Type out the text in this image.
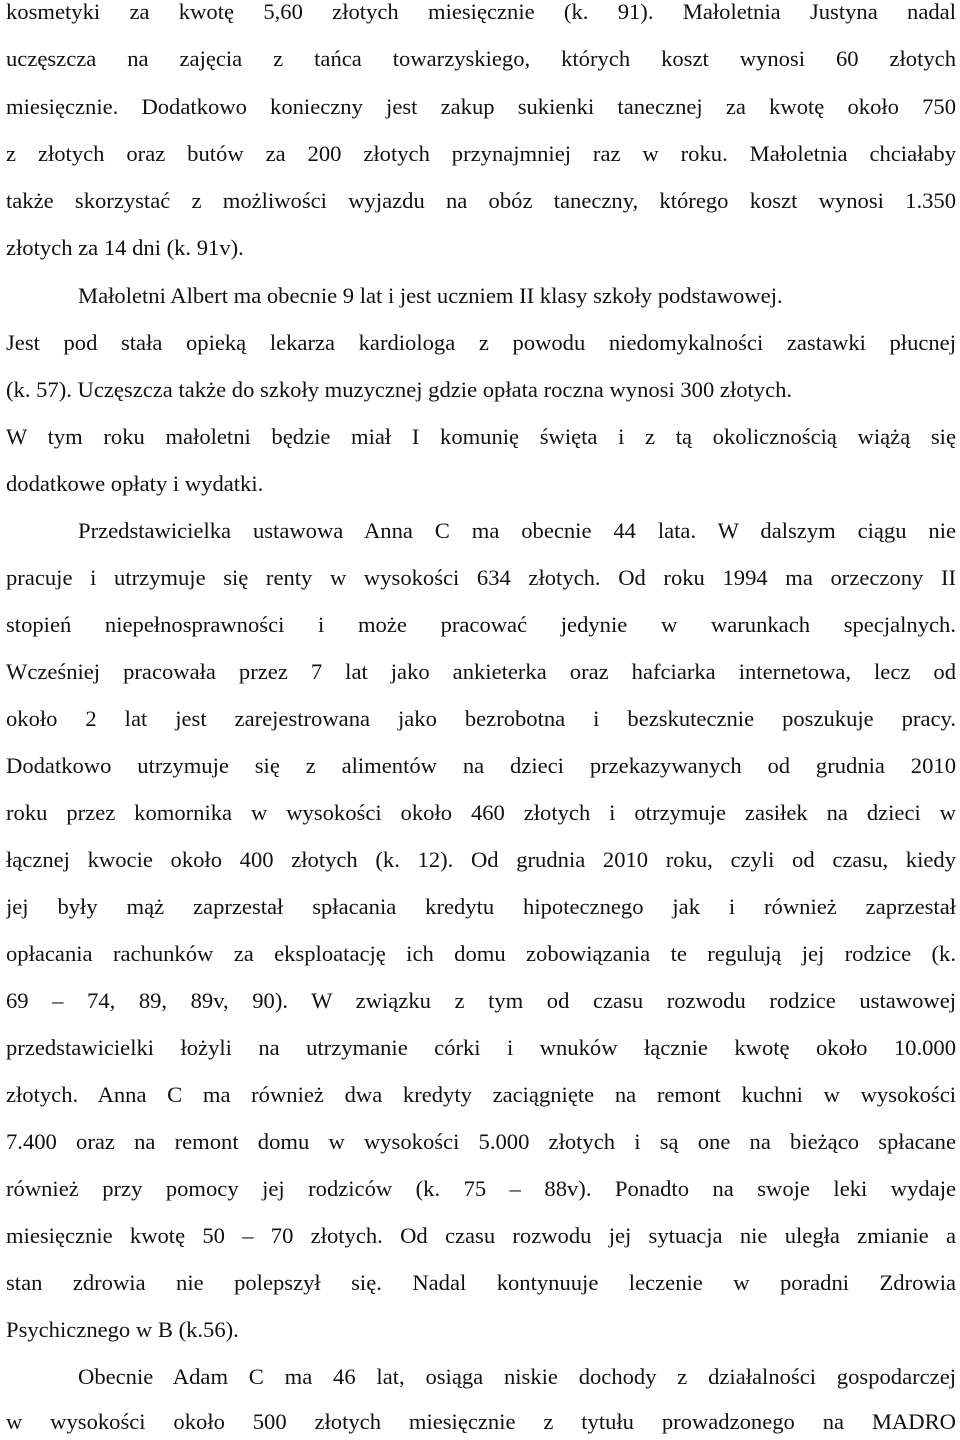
kosmetyki za kwotę 5,60 złotych miesięcznie (k. 91). Małoletnia Justyna nadal
uczęszcza na zajęcia z tańca towarzyskiego, których koszt wynosi 60 złotych
miesięcznie. Dodatkowo konieczny jest zakup sukienki tanecznej za kwotę około 750
z złotych oraz butów za 200 złotych przynajmniej raz w roku. Małoletnia chciałaby
także skorzystać z możliwości wyjazdu na obóz taneczny, którego koszt wynosi 1.350
złotych za 14 dni (k. 91v).
Małoletni Albert ma obecnie 9 lat i jest uczniem II klasy szkoły podstawowej.
Jest pod stała opieką lekarza kardiologa z powodu niedomykalności zastawki płucnej
(k. 57). Uczęszcza także do szkoły muzycznej gdzie opłata roczna wynosi 300 złotych.
W tym roku małoletni będzie miał I komunię święta i z tą okolicznością wiążą się
dodatkowe opłaty i wydatki.
Przedstawicielka ustawowa Anna C ma obecnie 44 lata. W dalszym ciągu nie
pracuje i utrzymuje się renty w wysokości 634 złotych. Od roku 1994 ma orzeczony II
stopień niepełnosprawności i może pracować jedynie w warunkach specjalnych.
Wcześniej pracowała przez 7 lat jako ankieterka oraz hafciarka internetowa, lecz od
około 2 lat jest zarejestrowana jako bezrobotna i bezskutecznie poszukuje pracy.
Dodatkowo utrzymuje się z alimentów na dzieci przekazywanych od grudnia 2010
roku przez komornika w wysokości około 460 złotych i otrzymuje zasiłek na dzieci w
łącznej kwocie około 400 złotych (k. 12). Od grudnia 2010 roku, czyli od czasu, kiedy
jej były mąż zaprzestał spłacania kredytu hipotecznego jak i również zaprzestał
opłacania rachunków za eksploatację ich domu zobowiązania te regulują jej rodzice (k.
69 – 74, 89, 89v, 90). W związku z tym od czasu rozwodu rodzice ustawowej
przedstawicielki łożyli na utrzymanie córki i wnuków łącznie kwotę około 10.000
złotych. Anna C ma również dwa kredyty zaciągnięte na remont kuchni w wysokości
7.400 oraz na remont domu w wysokości 5.000 złotych i są one na bieżąco spłacane
również przy pomocy jej rodziców (k. 75 – 88v). Ponadto na swoje leki wydaje
miesięcznie kwotę 50 – 70 złotych. Od czasu rozwodu jej sytuacja nie uległa zmianie a
stan zdrowia nie polepszył się. Nadal kontynuuje leczenie w poradni Zdrowia
Psychicznego w B (k.56).
Obecnie Adam C ma 46 lat, osiąga niskie dochody z działalności gospodarczej
w wysokości około 500 złotych miesięcznie z tytułu prowadzonego na MADRO
